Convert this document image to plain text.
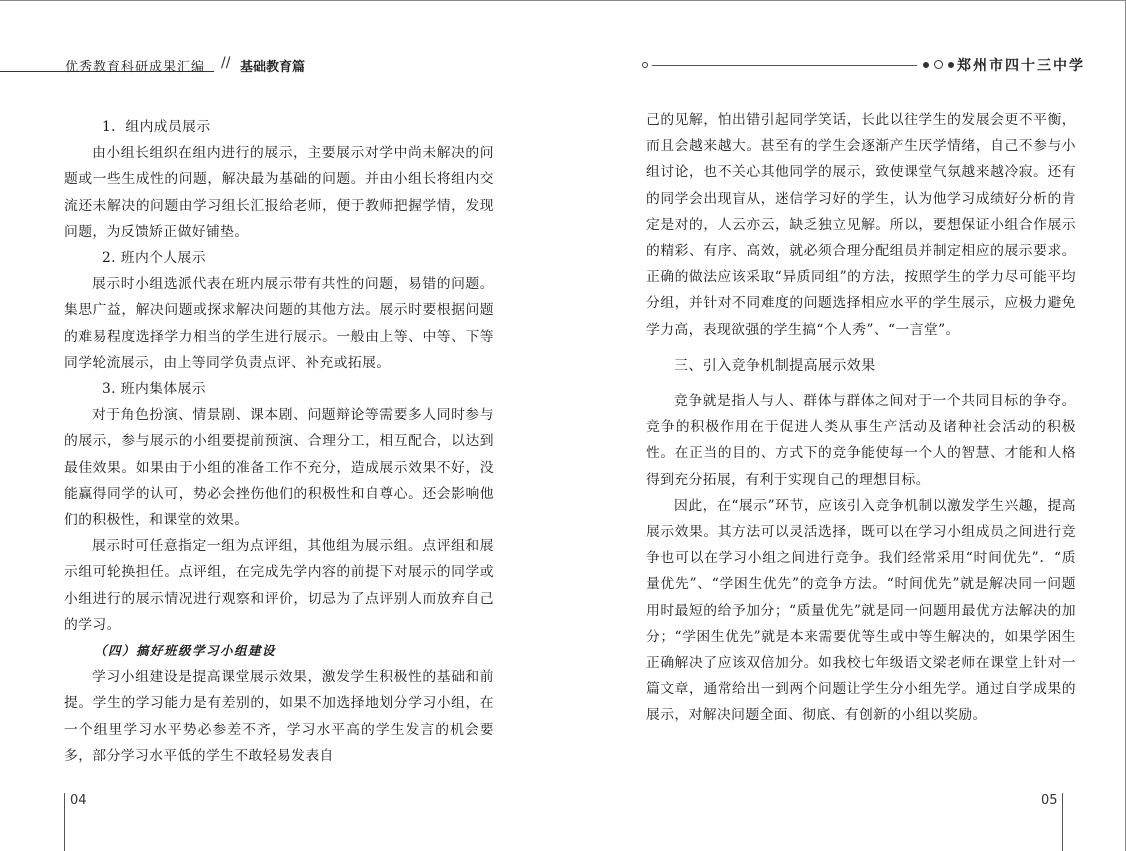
优秀教育科研成果汇编 // 基础教育篇	郑州市四十三中学

1．组内成员展示

由小组长组织在组内进行的展示，主要展示对学中尚未解决的问题或一些生成性的问题，解决最为基础的问题。并由小组长将组内交流还未解决的问题由学习组长汇报给老师，便于教师把握学情，发现问题，为反馈矫正做好铺垫。

2. 班内个人展示

展示时小组选派代表在班内展示带有共性的问题，易错的问题。集思广益，解决问题或探求解决问题的其他方法。展示时要根据问题的难易程度选择学力相当的学生进行展示。一般由上等、中等、下等同学轮流展示，由上等同学负责点评、补充或拓展。

3. 班内集体展示

对于角色扮演、情景剧、课本剧、问题辩论等需要多人同时参与的展示，参与展示的小组要提前预演、合理分工，相互配合，以达到最佳效果。如果由于小组的准备工作不充分，造成展示效果不好，没能赢得同学的认可，势必会挫伤他们的积极性和自尊心。还会影响他们的积极性，和课堂的效果。

展示时可任意指定一组为点评组，其他组为展示组。点评组和展示组可轮换担任。点评组，在完成先学内容的前提下对展示的同学或小组进行的展示情况进行观察和评价，切忌为了点评别人而放弃自己的学习。

（四）搞好班级学习小组建设

学习小组建设是提高课堂展示效果，激发学生积极性的基础和前提。学生的学习能力是有差别的，如果不加选择地划分学习小组，在一个组里学习水平势必参差不齐，学习水平高的学生发言的机会要多，部分学习水平低的学生不敢轻易发表自

己的见解，怕出错引起同学笑话，长此以往学生的发展会更不平衡，而且会越来越大。甚至有的学生会逐渐产生厌学情绪，自己不参与小组讨论，也不关心其他同学的展示，致使课堂气氛越来越冷寂。还有的同学会出现盲从，迷信学习好的学生，认为他学习成绩好分析的肯定是对的，人云亦云，缺乏独立见解。所以，要想保证小组合作展示的精彩、有序、高效，就必须合理分配组员并制定相应的展示要求。正确的做法应该采取“异质同组”的方法，按照学生的学力尽可能平均分组，并针对不同难度的问题选择相应水平的学生展示，应极力避免学力高，表现欲强的学生搞“个人秀”、“一言堂”。

三、引入竞争机制提高展示效果

竞争就是指人与人、群体与群体之间对于一个共同目标的争夺。竞争的积极作用在于促进人类从事生产活动及诸种社会活动的积极性。在正当的目的、方式下的竞争能使每一个人的智慧、才能和人格得到充分拓展，有利于实现自己的理想目标。

因此，在“展示”环节，应该引入竞争机制以激发学生兴趣，提高展示效果。其方法可以灵活选择，既可以在学习小组成员之间进行竞争也可以在学习小组之间进行竞争。我们经常采用“时间优先”．“质量优先”、“学困生优先”的竞争方法。“时间优先”就是解决同一问题用时最短的给予加分；“质量优先”就是同一问题用最优方法解决的加分；“学困生优先”就是本来需要优等生或中等生解决的，如果学困生正确解决了应该双倍加分。如我校七年级语文梁老师在课堂上针对一篇文章，通常给出一到两个问题让学生分小组先学。通过自学成果的展示，对解决问题全面、彻底、有创新的小组以奖励。

04	05
